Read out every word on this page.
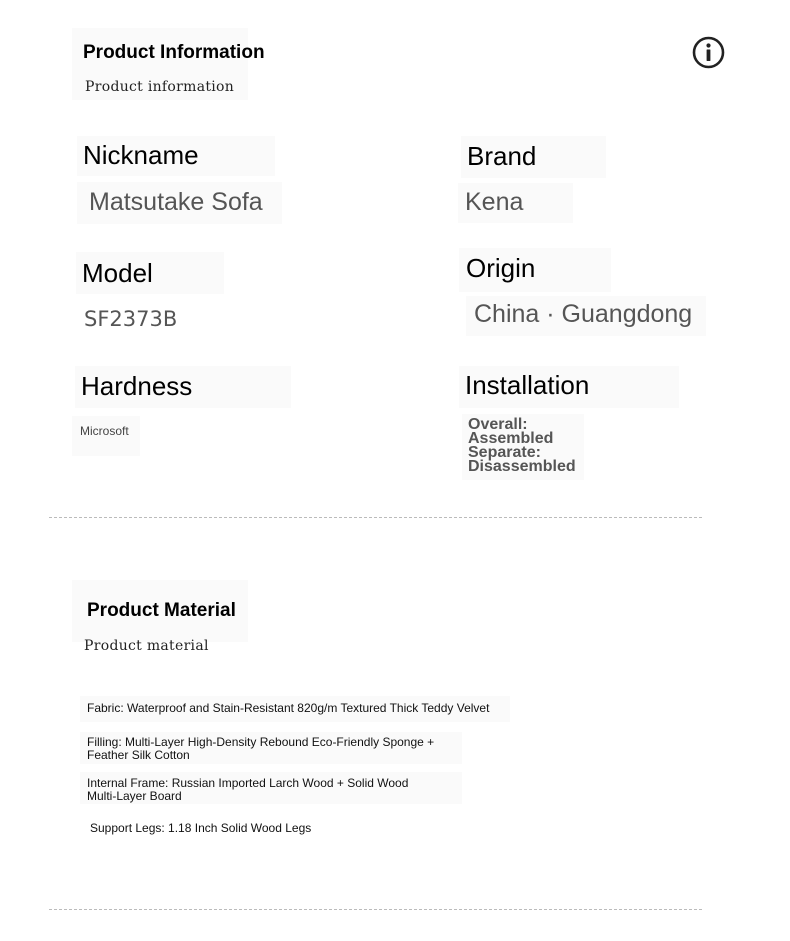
Product Information
Product information
Nickname
Matsutake Sofa
Brand
Kena
Model
SF2373B
Origin
China · Guangdong
Hardness
Microsoft
Installation
Overall: Assembled
Separate: Disassembled
Product Material
Product material
Fabric: Waterproof and Stain-Resistant 820g/m Textured Thick Teddy Velvet
Filling: Multi-Layer High-Density Rebound Eco-Friendly Sponge + Feather Silk Cotton
Internal Frame: Russian Imported Larch Wood + Solid Wood Multi-Layer Board
Support Legs: 1.18 Inch Solid Wood Legs
